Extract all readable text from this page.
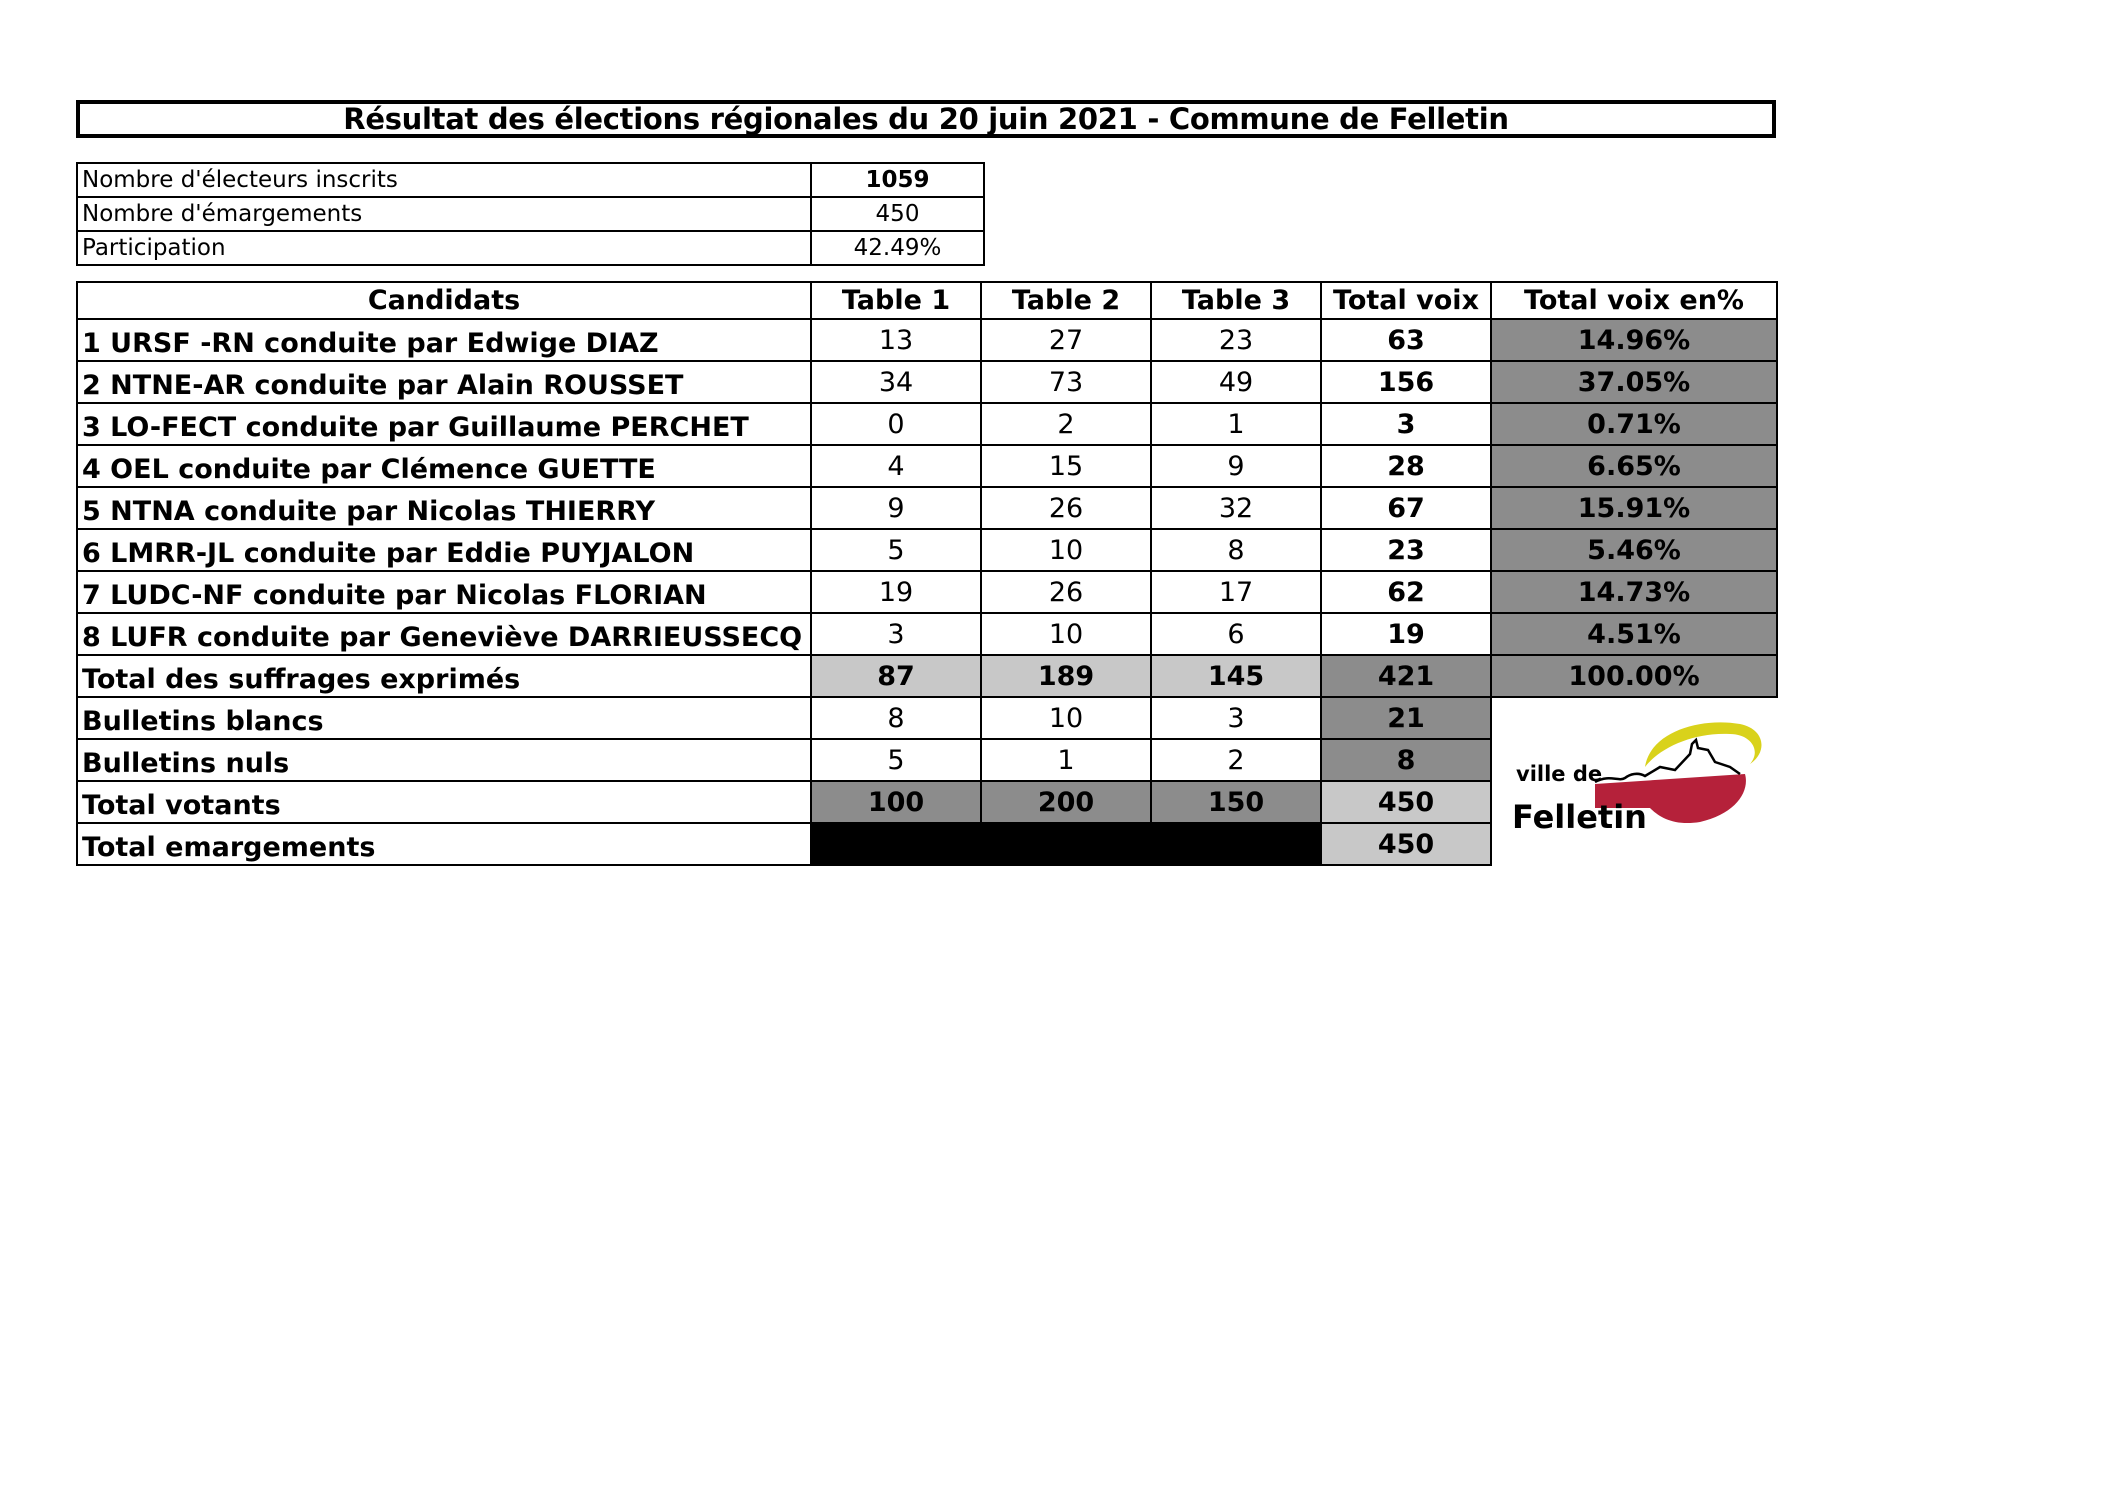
Résultat des élections régionales du 20 juin 2021 - Commune de Felletin
Nombre d'électeurs inscrits	1059
Nombre d'émargements	450
Participation	42.49%
Candidats	Table 1	Table 2	Table 3	Total voix	Total voix en%
1 URSF -RN conduite par Edwige DIAZ	13	27	23	63	14.96%
2 NTNE-AR conduite par Alain ROUSSET	34	73	49	156	37.05%
3 LO-FECT conduite par Guillaume PERCHET	0	2	1	3	0.71%
4 OEL conduite par Clémence GUETTE	4	15	9	28	6.65%
5 NTNA conduite par Nicolas THIERRY	9	26	32	67	15.91%
6 LMRR-JL conduite par Eddie PUYJALON	5	10	8	23	5.46%
7 LUDC-NF conduite par Nicolas FLORIAN	19	26	17	62	14.73%
8 LUFR conduite par Geneviève DARRIEUSSECQ	3	10	6	19	4.51%
Total des suffrages exprimés	87	189	145	421	100.00%
Bulletins blancs	8	10	3	21	
Bulletins nuls	5	1	2	8	
Total votants	100	200	150	450	
Total emargements				450	
ville de
Felletin
